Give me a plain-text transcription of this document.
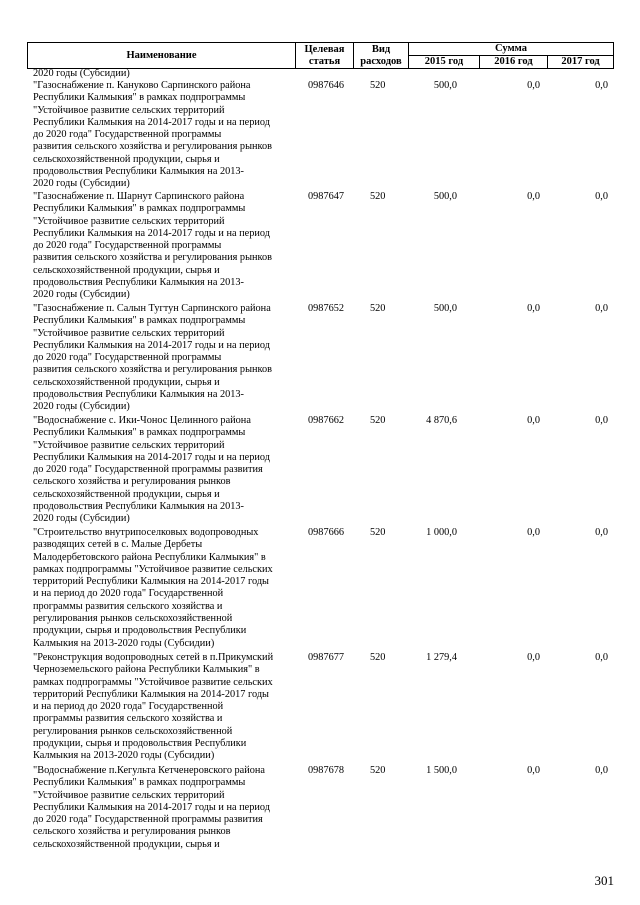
Наименование	Целевая статья	Вид расходов	Сумма		
			2015 год	2016 год	2017 год
2020 годы (Субсидии)
"Газоснабжение п. Кануково Сарпинского района
Республики Калмыкия" в рамках подпрограммы
"Устойчивое развитие сельских территорий
Республики Калмыкия на 2014-2017 годы и на период
до 2020 года" Государственной программы
развития сельского хозяйства и регулирования рынков
сельскохозяйственной продукции, сырья и
продовольствия Республики Калмыкия на 2013-
2020 годы (Субсидии)
0987646	520	500,0	0,0	0,0
"Газоснабжение п. Шарнут Сарпинского района
Республики Калмыкия" в рамках подпрограммы
"Устойчивое развитие сельских территорий
Республики Калмыкия на 2014-2017 годы и на период
до 2020 года" Государственной программы
развития сельского хозяйства и регулирования рынков
сельскохозяйственной продукции, сырья и
продовольствия Республики Калмыкия на 2013-
2020 годы (Субсидии)
0987647	520	500,0	0,0	0,0
"Газоснабжение п. Салын Тугтун Сарпинского района
Республики Калмыкия" в рамках подпрограммы
"Устойчивое развитие сельских территорий
Республики Калмыкия на 2014-2017 годы и на период
до 2020 года" Государственной программы
развития сельского хозяйства и регулирования рынков
сельскохозяйственной продукции, сырья и
продовольствия Республики Калмыкия на 2013-
2020 годы (Субсидии)
0987652	520	500,0	0,0	0,0
"Водоснабжение с. Ики-Чонос Целинного района
Республики Калмыкия" в рамках подпрограммы
"Устойчивое развитие сельских территорий
Республики Калмыкия на 2014-2017 годы и на период
до 2020 года" Государственной программы развития
сельского хозяйства и регулирования рынков
сельскохозяйственной продукции, сырья и
продовольствия Республики Калмыкия на 2013-
2020 годы (Субсидии)
0987662	520	4 870,6	0,0	0,0
"Строительство внутрипоселковых водопроводных
разводящих сетей в с. Малые Дербеты
Малодербетовского района Республики Калмыкия" в
рамках подпрограммы "Устойчивое развитие сельских
территорий Республики Калмыкия на 2014-2017 годы
и на период до 2020 года" Государственной
программы развития сельского хозяйства и
регулирования рынков сельскохозяйственной
продукции, сырья и продовольствия Республики
Калмыкия на 2013-2020 годы (Субсидии)
0987666	520	1 000,0	0,0	0,0
"Реконструкция водопроводных сетей в п.Прикумский
Черноземельского района Республики Калмыкия" в
рамках подпрограммы "Устойчивое развитие сельских
территорий Республики Калмыкия на 2014-2017 годы
и на период до 2020 года" Государственной
программы развития сельского хозяйства и
регулирования рынков сельскохозяйственной
продукции, сырья и продовольствия Республики
Калмыкия на 2013-2020 годы (Субсидии)
0987677	520	1 279,4	0,0	0,0
"Водоснабжение п.Кегульта Кетченеровского района
Республики Калмыкия" в рамках подпрограммы
"Устойчивое развитие сельских территорий
Республики Калмыкия на 2014-2017 годы и на период
до 2020 года" Государственной программы развития
сельского хозяйства и регулирования рынков
сельскохозяйственной продукции, сырья и
0987678	520	1 500,0	0,0	0,0
301
